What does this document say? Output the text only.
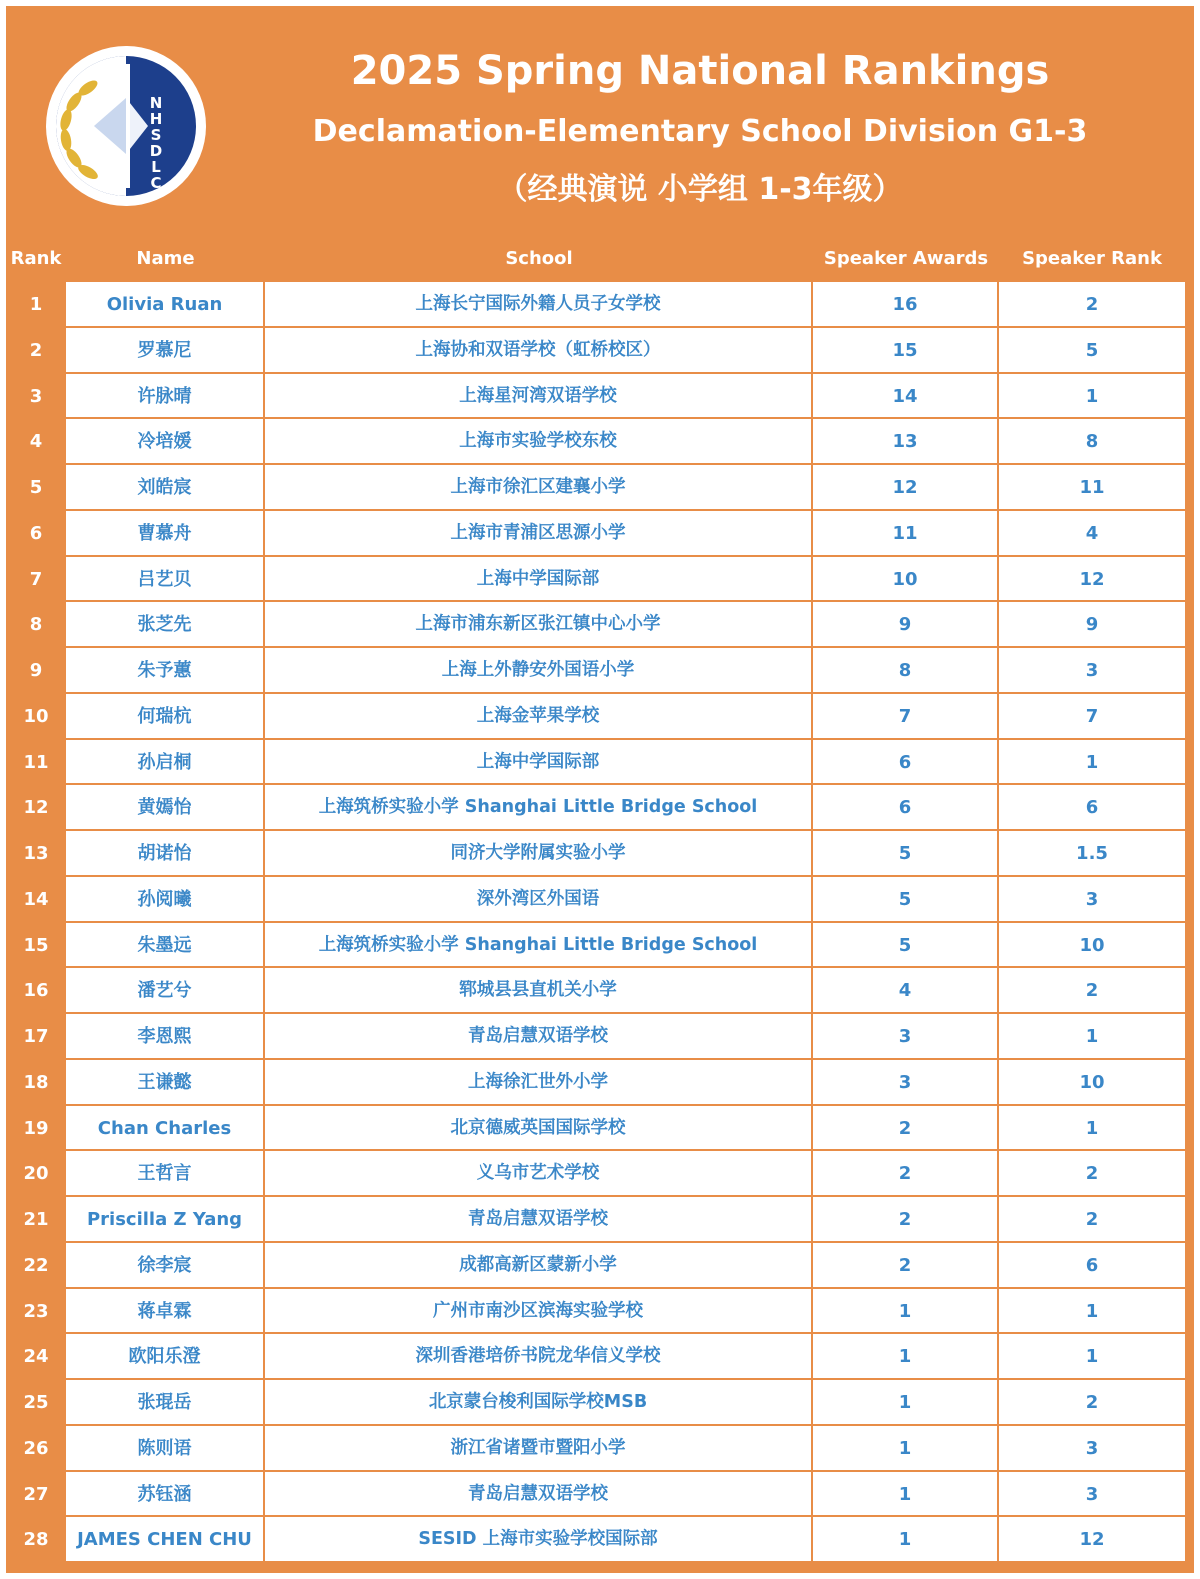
N
H
S
D
L
C
2025 Spring National Rankings
Declamation-Elementary School Division G1-3
（经典演说 小学组 1-3年级）
Rank	Name	School	Speaker Awards	Speaker Rank
1	Olivia Ruan	上海长宁国际外籍人员子女学校	16	2
2	罗慕尼	上海协和双语学校（虹桥校区）	15	5
3	许脉晴	上海星河湾双语学校	14	1
4	冷培媛	上海市实验学校东校	13	8
5	刘皓宸	上海市徐汇区建襄小学	12	11
6	曹慕舟	上海市青浦区思源小学	11	4
7	吕艺贝	上海中学国际部	10	12
8	张芝先	上海市浦东新区张江镇中心小学	9	9
9	朱予蕙	上海上外静安外国语小学	8	3
10	何瑞杭	上海金苹果学校	7	7
11	孙启桐	上海中学国际部	6	1
12	黄嫣怡	上海筑桥实验小学 Shanghai Little Bridge School	6	6
13	胡诺怡	同济大学附属实验小学	5	1.5
14	孙阅曦	深外湾区外国语	5	3
15	朱墨远	上海筑桥实验小学 Shanghai Little Bridge School	5	10
16	潘艺兮	郓城县县直机关小学	4	2
17	李恩熙	青岛启慧双语学校	3	1
18	王谦懿	上海徐汇世外小学	3	10
19	Chan Charles	北京德威英国国际学校	2	1
20	王哲言	义乌市艺术学校	2	2
21	Priscilla Z Yang	青岛启慧双语学校	2	2
22	徐李宸	成都高新区蒙新小学	2	6
23	蒋卓霖	广州市南沙区滨海实验学校	1	1
24	欧阳乐澄	深圳香港培侨书院龙华信义学校	1	1
25	张琨岳	北京蒙台梭利国际学校MSB	1	2
26	陈则语	浙江省诸暨市暨阳小学	1	3
27	苏钰涵	青岛启慧双语学校	1	3
28	JAMES CHEN CHU	SESID 上海市实验学校国际部	1	12
